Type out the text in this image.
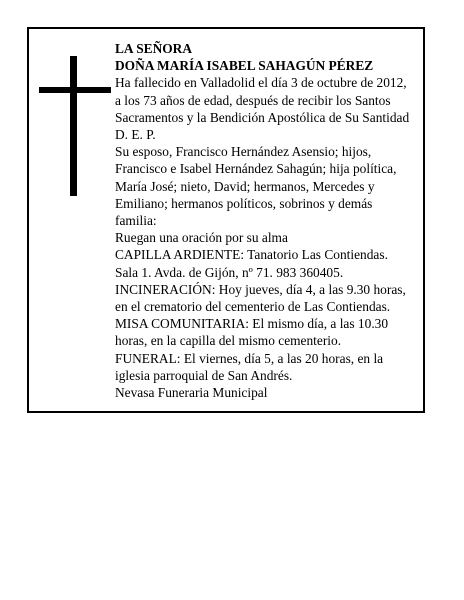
LA SEÑORA

DOÑA MARÍA ISABEL SAHAGÚN PÉREZ

Ha fallecido en Valladolid el día 3 de octubre de 2012,

a los 73 años de edad, después de recibir los Santos

Sacramentos y la Bendición Apostólica de Su Santidad

D. E. P.

Su esposo, Francisco Hernández Asensio; hijos,

Francisco e Isabel Hernández Sahagún; hija política,

María José; nieto, David; hermanos, Mercedes y

Emiliano; hermanos políticos, sobrinos y demás

familia:

Ruegan una oración por su alma

CAPILLA ARDIENTE: Tanatorio Las Contiendas.

Sala 1. Avda. de Gijón, nº 71. 983 360405.

INCINERACIÓN: Hoy jueves, día 4, a las 9.30 horas,

en el crematorio del cementerio de Las Contiendas.

MISA COMUNITARIA: El mismo día, a las 10.30

horas, en la capilla del mismo cementerio.

FUNERAL: El viernes, día 5, a las 20 horas, en la

iglesia parroquial de San Andrés.

Nevasa Funeraria Municipal
